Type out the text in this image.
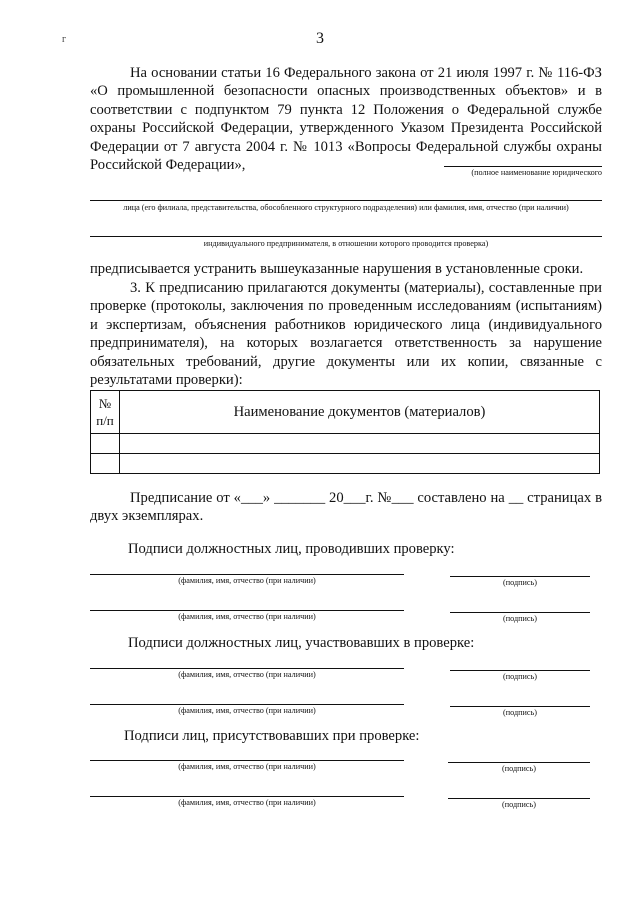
г	3
На основании статьи 16 Федерального закона от 21 июля 1997 г. № 116-ФЗ «О промышленной безопасности опасных производственных объектов» и в соответствии с подпунктом 79 пункта 12 Положения о Федеральной службе охраны Российской Федерации, утвержденного Указом Президента Российской Федерации от 7 августа 2004 г. № 1013 «Вопросы Федеральной службы охраны Российской Федерации»,	(полное наименование юридического
лица (его филиала, представительства, обособленного структурного подразделения) или фамилия, имя, отчество (при наличии)
индивидуального предпринимателя, в отношении которого проводится проверка)
предписывается устранить вышеуказанные нарушения в установленные сроки.
3. К предписанию прилагаются документы (материалы), составленные при проверке (протоколы, заключения по проведенным исследованиям (испытаниям) и экспертизам, объяснения работников юридического лица (индивидуального предпринимателя), на которых возлагается ответственность за нарушение обязательных требований, другие документы или их копии, связанные с результатами проверки):
№
п/п	Наименование документов (материалов)

Предписание от «___» _______ 20___г. №___ составлено на __ страницах в двух экземплярах.
Подписи должностных лиц, проводивших проверку:
(фамилия, имя, отчество (при наличии)	(подпись)
(фамилия, имя, отчество (при наличии)	(подпись)
Подписи должностных лиц, участвовавших в проверке:
(фамилия, имя, отчество (при наличии)	(подпись)
(фамилия, имя, отчество (при наличии)	(подпись)
Подписи лиц, присутствовавших при проверке:
(фамилия, имя, отчество (при наличии)	(подпись)
(фамилия, имя, отчество (при наличии)	(подпись)
